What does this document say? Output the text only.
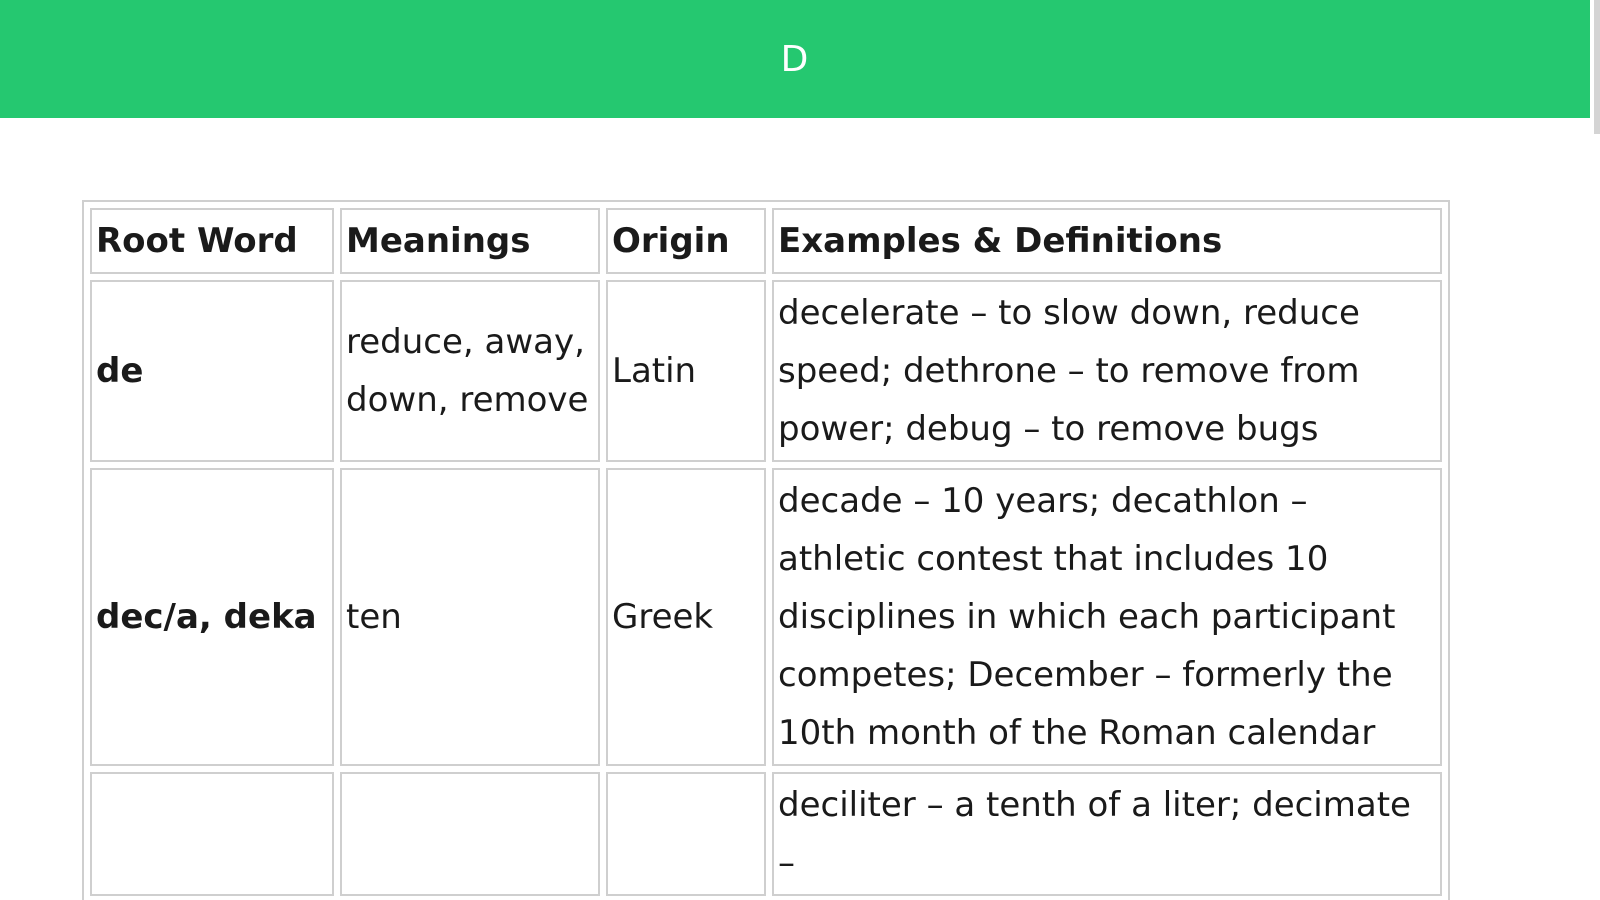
D
Root Word	Meanings	Origin	Examples & Definitions
de	reduce, away, down, remove	Latin	decelerate – to slow down, reduce speed; dethrone – to remove from power; debug – to remove bugs
dec/a, deka	ten	Greek	decade – 10 years; decathlon – athletic contest that includes 10 disciplines in which each participant competes; December – formerly the 10th month of the Roman calendar
			deciliter – a tenth of a liter; decimate –
